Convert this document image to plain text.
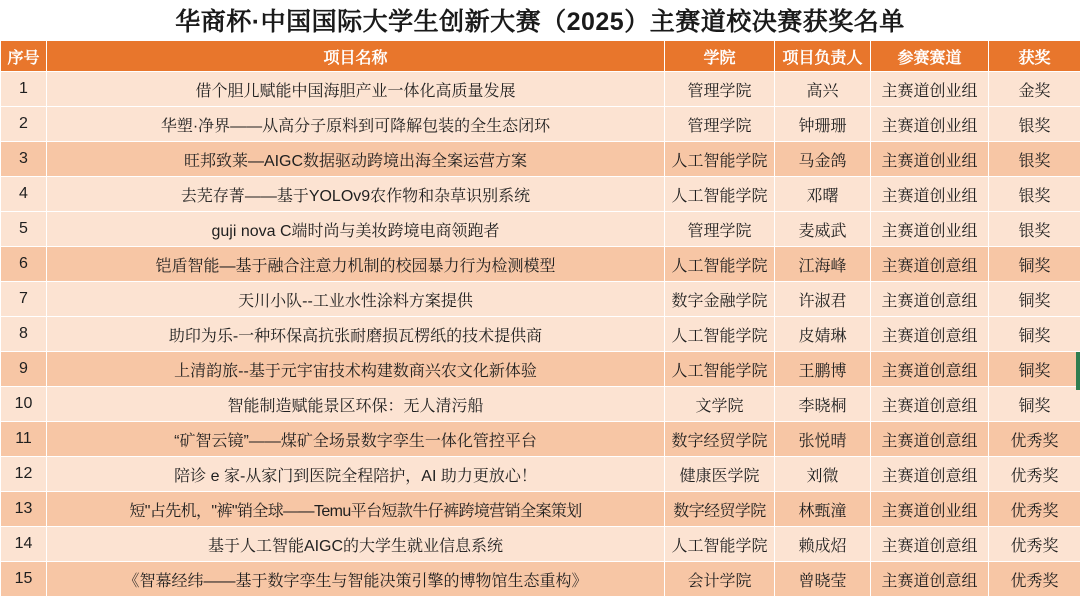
华商杯·中国国际大学生创新大赛（2025）主赛道校决赛获奖名单
序号	项目名称	学院	项目负责人	参赛赛道	获奖
1	借个胆儿赋能中国海胆产业一体化高质量发展	管理学院	高兴	主赛道创业组	金奖
2	华塑·净界——从高分子原料到可降解包装的全生态闭环	管理学院	钟珊珊	主赛道创业组	银奖
3	旺邦致莱—AIGC数据驱动跨境出海全案运营方案	人工智能学院	马金鸽	主赛道创业组	银奖
4	去芜存菁——基于YOLOv9农作物和杂草识别系统	人工智能学院	邓曙	主赛道创业组	银奖
5	guji nova C端时尚与美妆跨境电商领跑者	管理学院	麦威武	主赛道创业组	银奖
6	铠盾智能—基于融合注意力机制的校园暴力行为检测模型	人工智能学院	江海峰	主赛道创意组	铜奖
7	天川小队--工业水性涂料方案提供	数字金融学院	许淑君	主赛道创意组	铜奖
8	助印为乐-一种环保高抗张耐磨损瓦楞纸的技术提供商	人工智能学院	皮婧琳	主赛道创意组	铜奖
9	上清韵旅--基于元宇宙技术构建数商兴农文化新体验	人工智能学院	王鹏博	主赛道创意组	铜奖
10	智能制造赋能景区环保：无人清污船	文学院	李晓桐	主赛道创意组	铜奖
11	“矿智云镜”——煤矿全场景数字孪生一体化管控平台	数字经贸学院	张悦晴	主赛道创意组	优秀奖
12	陪诊 e 家-从家门到医院全程陪护，AI 助力更放心！	健康医学院	刘微	主赛道创意组	优秀奖
13	短"占先机，"裤"销全球——Temu平台短款牛仔裤跨境营销全案策划	数字经贸学院	林甄潼	主赛道创业组	优秀奖
14	基于人工智能AIGC的大学生就业信息系统	人工智能学院	赖成炤	主赛道创意组	优秀奖
15	《智幕经纬——基于数字孪生与智能决策引擎的博物馆生态重构》	会计学院	曾晓莹	主赛道创意组	优秀奖
